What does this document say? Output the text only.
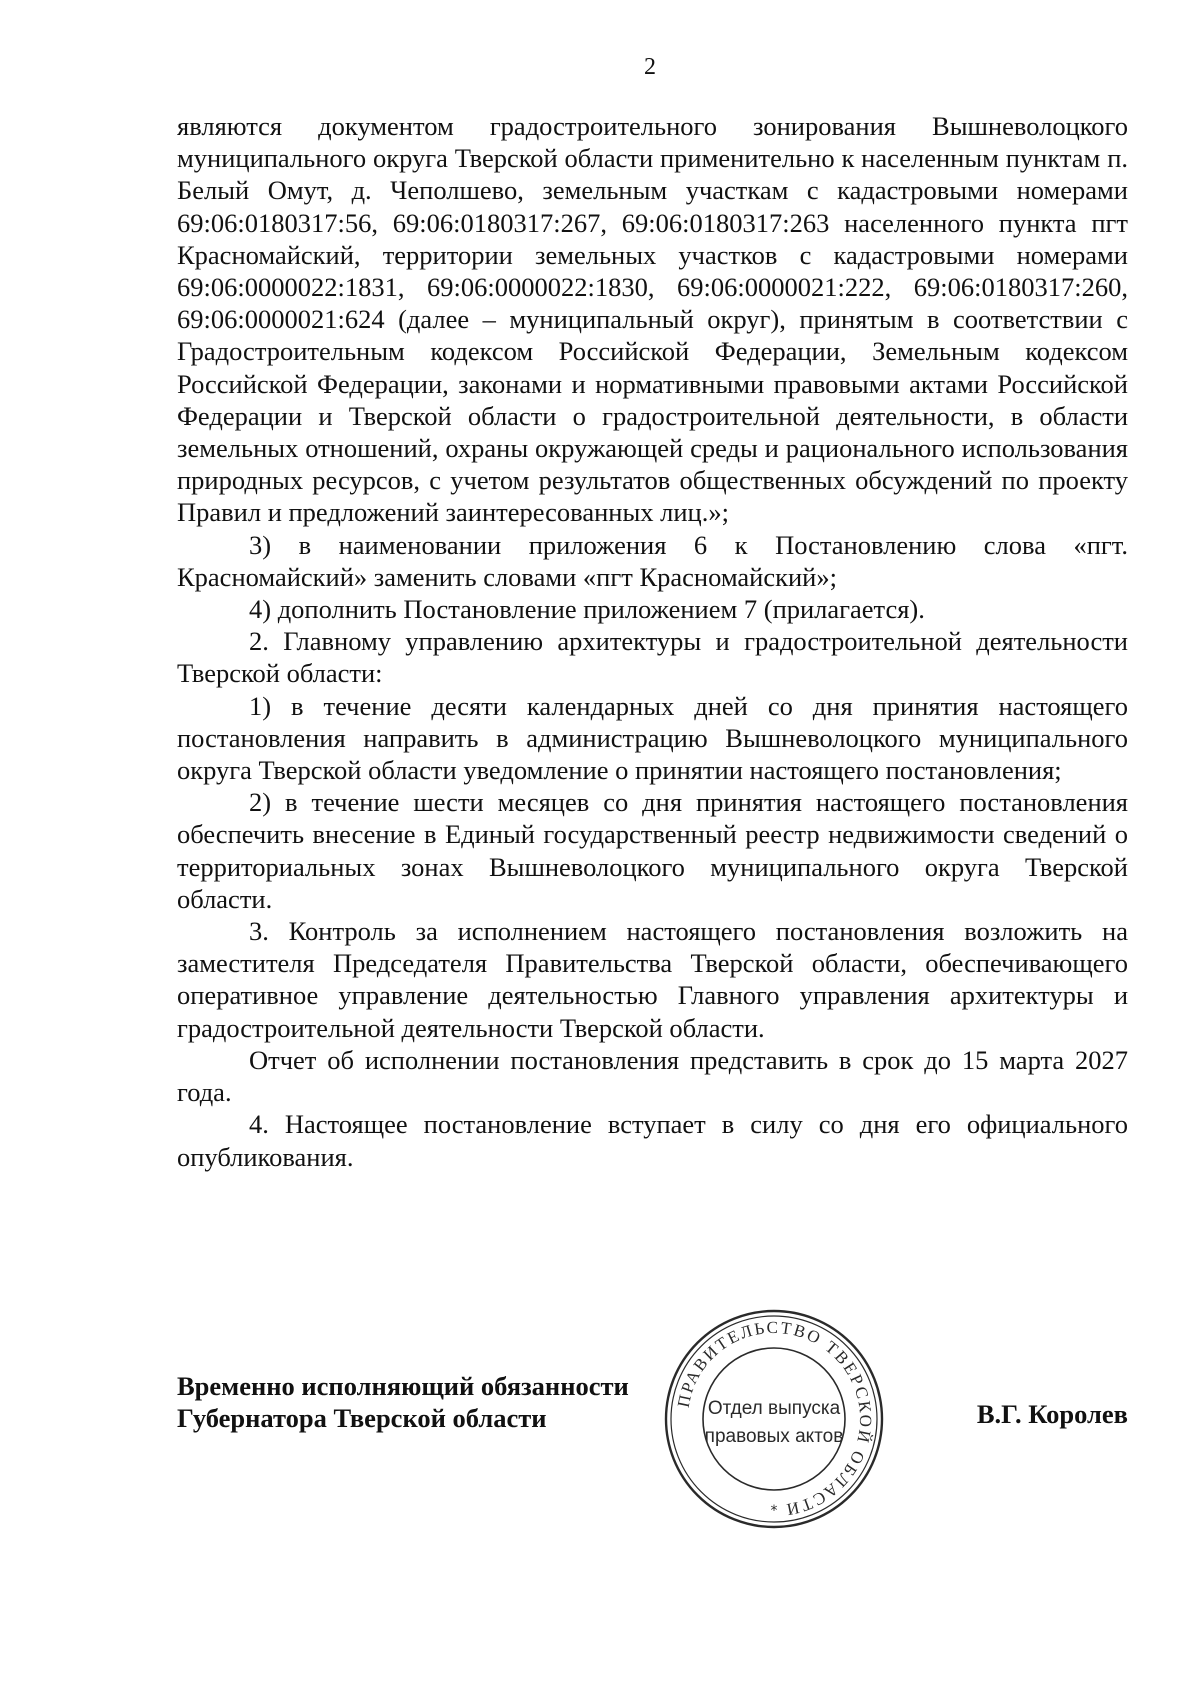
2

являются документом градостроительного зонирования Вышневолоцкого муниципального округа Тверской области применительно к населенным пунктам п. Белый Омут, д. Чеполшево, земельным участкам с кадастровыми номерами 69:06:0180317:56, 69:06:0180317:267, 69:06:0180317:263 населенного пункта пгт Красномайский, территории земельных участков с кадастровыми номерами 69:06:0000022:1831, 69:06:0000022:1830, 69:06:0000021:222, 69:06:0180317:260, 69:06:0000021:624 (далее – муниципальный округ), принятым в соответствии с Градостроительным кодексом Российской Федерации, Земельным кодексом Российской Федерации, законами и нормативными правовыми актами Российской Федерации и Тверской области о градостроительной деятельности, в области земельных отношений, охраны окружающей среды и рационального использования природных ресурсов, с учетом результатов общественных обсуждений по проекту Правил и предложений заинтересованных лиц.»;

3) в наименовании приложения 6 к Постановлению слова «пгт. Красномайский» заменить словами «пгт Красномайский»;

4) дополнить Постановление приложением 7 (прилагается).

2. Главному управлению архитектуры и градостроительной деятельности Тверской области:

1) в течение десяти календарных дней со дня принятия настоящего постановления направить в администрацию Вышневолоцкого муниципального округа Тверской области уведомление о принятии настоящего постановления;

2) в течение шести месяцев со дня принятия настоящего постановления обеспечить внесение в Единый государственный реестр недвижимости сведений о территориальных зонах Вышневолоцкого муниципального округа Тверской области.

3. Контроль за исполнением настоящего постановления возложить на заместителя Председателя Правительства Тверской области, обеспечивающего оперативное управление деятельностью Главного управления архитектуры и градостроительной деятельности Тверской области.

Отчет об исполнении постановления представить в срок до 15 марта 2027 года.

4. Настоящее постановление вступает в силу со дня его официального опубликования.

Временно исполняющий обязанности
Губернатора Тверской области	В.Г. Королев
ПРАВИТЕЛЬСТВО ТВЕРСКОЙ ОБЛАСТИ
Отдел выпуска
правовых актов
*
